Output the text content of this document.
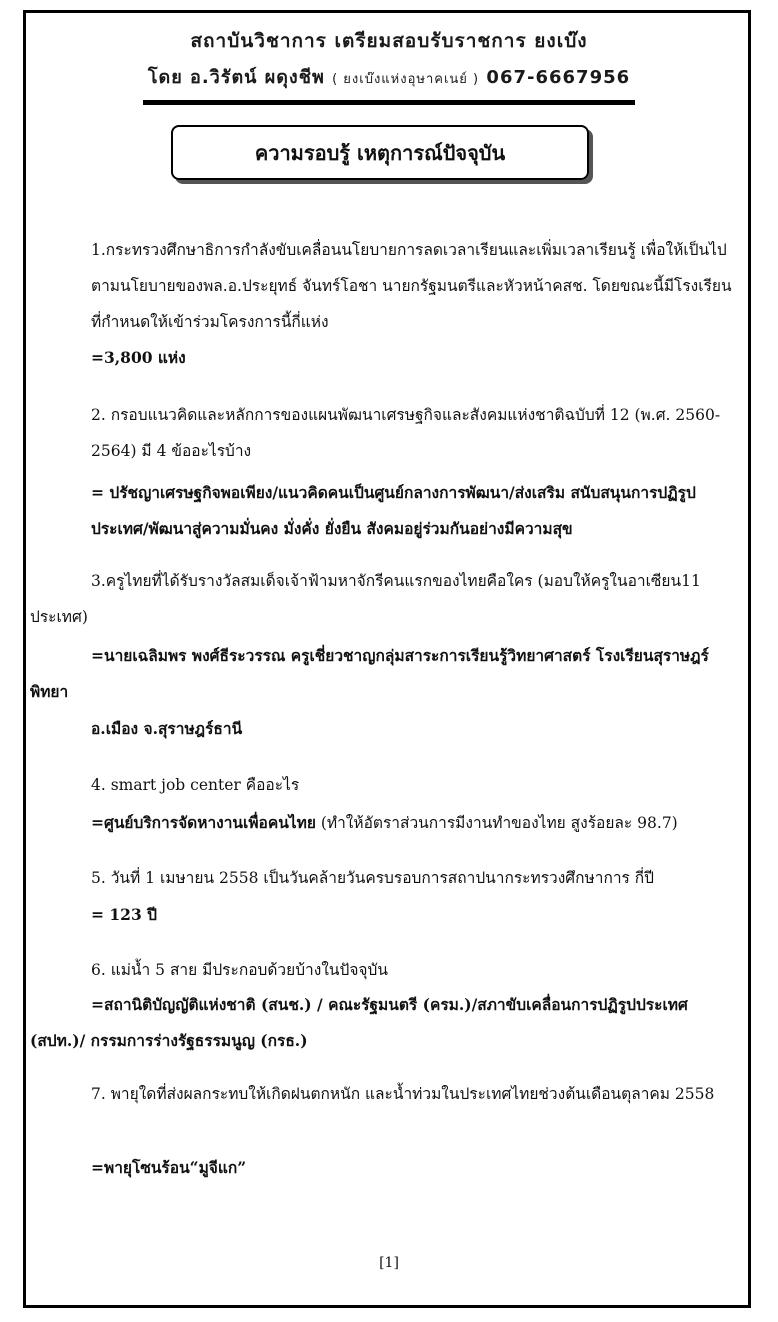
สถาบันวิชาการ เตรียมสอบรับราชการ ยงเบ๊ง
โดย อ.วิรัตน์ ผดุงชีพ ( ยงเบ๊งแห่งอุษาคเนย์ ) 067-6667956
ความรอบรู้ เหตุการณ์ปัจจุบัน

1.กระทรวงศึกษาธิการกำลังขับเคลื่อนนโยบายการลดเวลาเรียนและเพิ่มเวลาเรียนรู้ เพื่อให้เป็นไปตามนโยบายของพล.อ.ประยุทธ์ จันทร์โอชา นายกรัฐมนตรีและหัวหน้าคสช. โดยขณะนี้มีโรงเรียนที่กำหนดให้เข้าร่วมโครงการนี้กี่แห่ง

=3,800 แห่ง

2. กรอบแนวคิดและหลักการของแผนพัฒนาเศรษฐกิจและสังคมแห่งชาติฉบับที่ 12 (พ.ศ. 2560-2564) มี 4 ข้ออะไรบ้าง

= ปรัชญาเศรษฐกิจพอเพียง/แนวคิดคนเป็นศูนย์กลางการพัฒนา/ส่งเสริม สนับสนุนการปฏิรูปประเทศ/พัฒนาสู่ความมั่นคง มั่งคั่ง ยั่งยืน สังคมอยู่ร่วมกันอย่างมีความสุข

3.ครูไทยที่ได้รับรางวัลสมเด็จเจ้าฟ้ามหาจักรีคนแรกของไทยคือใคร (มอบให้ครูในอาเซียน11 ประเทศ)

=นายเฉลิมพร พงศ์ธีระวรรณ ครูเชี่ยวชาญกลุ่มสาระการเรียนรู้วิทยาศาสตร์ โรงเรียนสุราษฎร์พิทยา

อ.เมือง จ.สุราษฎร์ธานี

4. smart job center คืออะไร

=ศูนย์บริการจัดหางานเพื่อคนไทย (ทำให้อัตราส่วนการมีงานทำของไทย สูงร้อยละ 98.7)

5. วันที่ 1 เมษายน 2558 เป็นวันคล้ายวันครบรอบการสถาปนากระทรวงศึกษาการ กี่ปี

= 123 ปี

6. แม่น้ำ 5 สาย มีประกอบด้วยบ้างในปัจจุบัน

=สถานิติบัญญัติแห่งชาติ (สนช.) / คณะรัฐมนตรี (ครม.)/สภาขับเคลื่อนการปฏิรูปประเทศ (สปท.)/ กรรมการร่างรัฐธรรมนูญ (กรธ.)

7. พายุใดที่ส่งผลกระทบให้เกิดฝนตกหนัก และน้ำท่วมในประเทศไทยช่วงต้นเดือนตุลาคม 2558

=พายุโซนร้อน“มูจีแก”

[1]
